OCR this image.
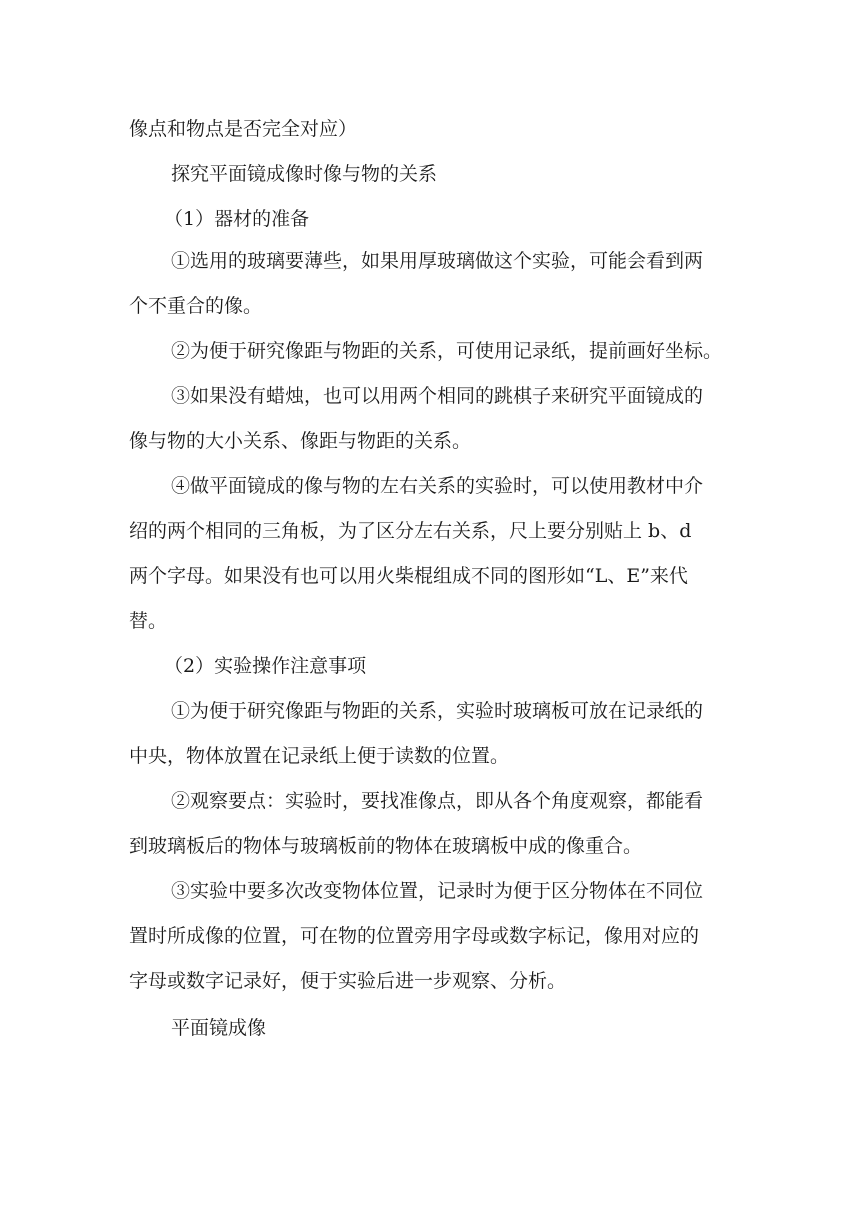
像点和物点是否完全对应）
探究平面镜成像时像与物的关系
（1）器材的准备
①选用的玻璃要薄些，如果用厚玻璃做这个实验，可能会看到两
个不重合的像。
②为便于研究像距与物距的关系，可使用记录纸，提前画好坐标。
③如果没有蜡烛，也可以用两个相同的跳棋子来研究平面镜成的
像与物的大小关系、像距与物距的关系。
④做平面镜成的像与物的左右关系的实验时，可以使用教材中介
绍的两个相同的三角板，为了区分左右关系，尺上要分别贴上 b、d
两个字母。如果没有也可以用火柴棍组成不同的图形如“L、E”来代
替。
（2）实验操作注意事项
①为便于研究像距与物距的关系，实验时玻璃板可放在记录纸的
中央，物体放置在记录纸上便于读数的位置。
②观察要点：实验时，要找准像点，即从各个角度观察，都能看
到玻璃板后的物体与玻璃板前的物体在玻璃板中成的像重合。
③实验中要多次改变物体位置，记录时为便于区分物体在不同位
置时所成像的位置，可在物的位置旁用字母或数字标记，像用对应的
字母或数字记录好，便于实验后进一步观察、分析。
平面镜成像
